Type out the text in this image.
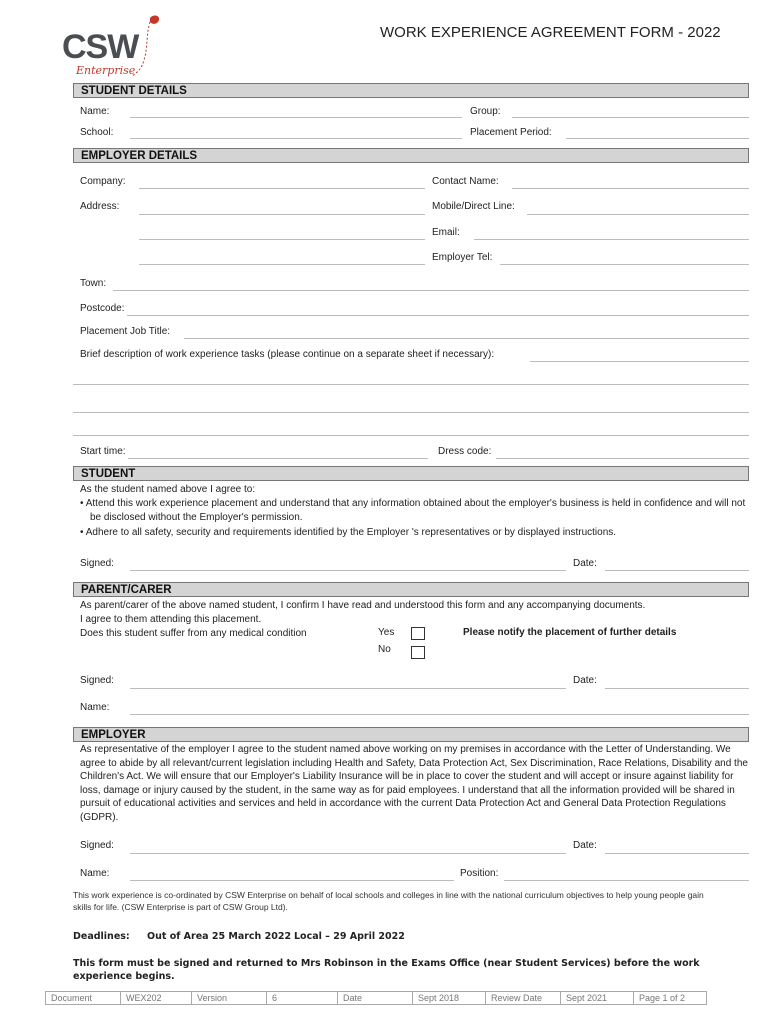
CSW
Enterprise
WORK EXPERIENCE AGREEMENT FORM - 2022
STUDENT DETAILS
Name:	Group:
School:	Placement Period:
EMPLOYER DETAILS
Company:	Contact Name:
Address:	Mobile/Direct Line:
Email:
Employer Tel:
Town:
Postcode:
Placement Job Title:
Brief description of work experience tasks (please continue on a separate sheet if necessary):
Start time:	Dress code:
STUDENT
As the student named above I agree to:
• Attend this work experience placement and understand that any information obtained about the employer's business is held in confidence and will not be disclosed without the Employer's permission.
• Adhere to all safety, security and requirements identified by the Employer 's representatives or by displayed instructions.
Signed:	Date:
PARENT/CARER
As parent/carer of the above named student, I confirm I have read and understood this form and any accompanying documents.
I agree to them attending this placement.
Does this student suffer from any medical condition	Yes	Please notify the placement of further details
No
Signed:	Date:
Name:
EMPLOYER
As representative of the employer I agree to the student named above working on my premises in accordance with the Letter of Understanding. We agree to abide by all relevant/current legislation including Health and Safety, Data Protection Act, Sex Discrimination, Race Relations, Disability and the Children's Act. We will ensure that our Employer's Liability Insurance will be in place to cover the student and will accept or insure against liability for loss, damage or injury caused by the student, in the same way as for paid employees. I understand that all the information provided will be shared in pursuit of educational activities and services and held in accordance with the current Data Protection Act and General Data Protection Regulations (GDPR).
Signed:	Date:
Name:	Position:
This work experience is co-ordinated by CSW Enterprise on behalf of local schools and colleges in line with the national curriculum objectives to help young people gain skills for life. (CSW Enterprise is part of CSW Group Ltd).
Deadlines: Out of Area 25 March 2022 Local – 29 April 2022
This form must be signed and returned to Mrs Robinson in the Exams Office (near Student Services) before the work experience begins.
Document	WEX202	Version	6	Date	Sept 2018	Review Date	Sept 2021	Page 1 of 2
